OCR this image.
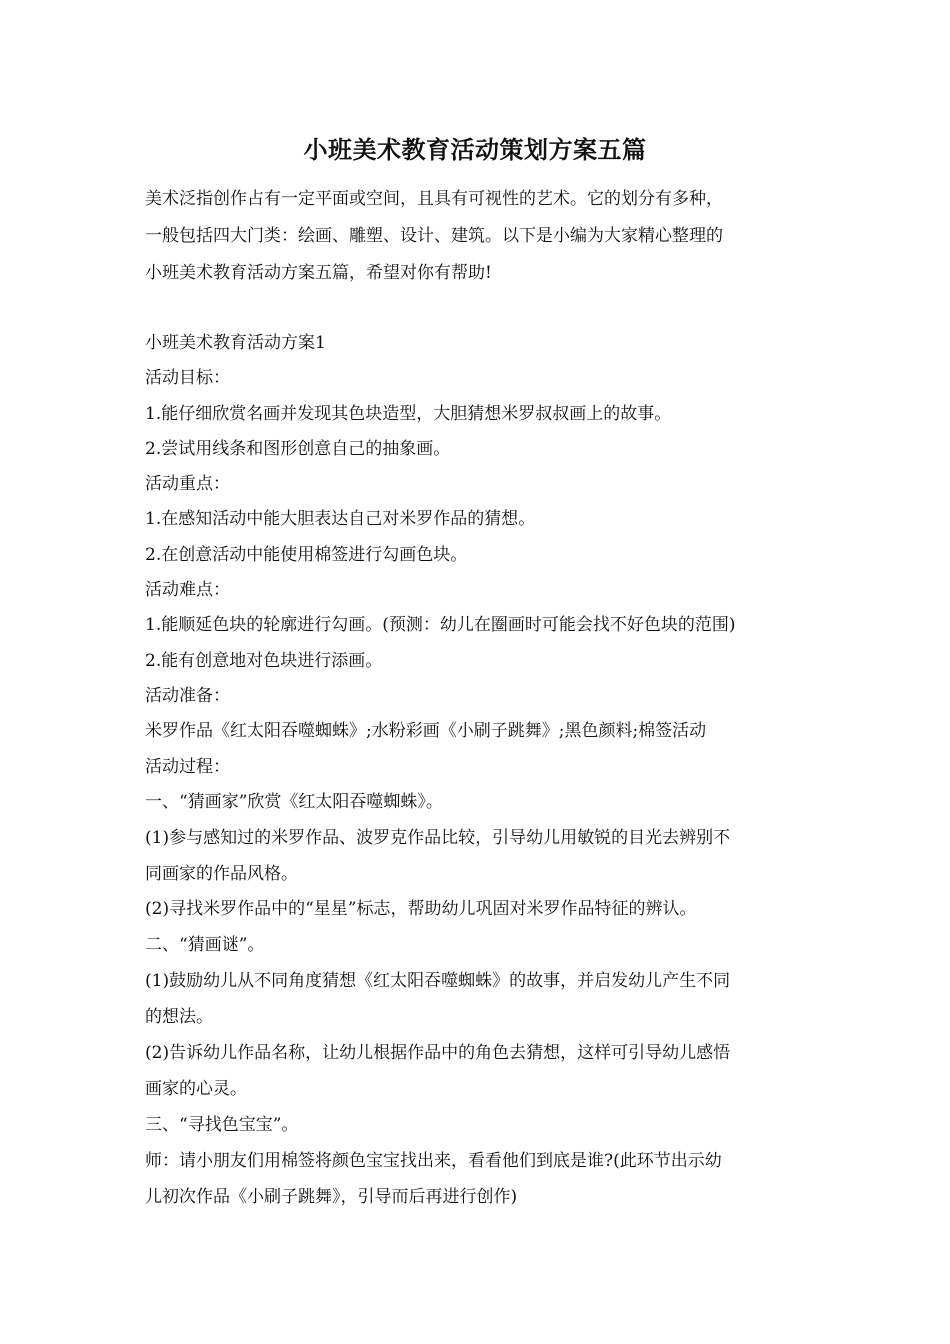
小班美术教育活动策划方案五篇
美术泛指创作占有一定平面或空间，且具有可视性的艺术。它的划分有多种，
一般包括四大门类：绘画、雕塑、设计、建筑。以下是小编为大家精心整理的
小班美术教育活动方案五篇，希望对你有帮助!
小班美术教育活动方案1
活动目标：
1.能仔细欣赏名画并发现其色块造型，大胆猜想米罗叔叔画上的故事。
2.尝试用线条和图形创意自己的抽象画。
活动重点：
1.在感知活动中能大胆表达自己对米罗作品的猜想。
2.在创意活动中能使用棉签进行勾画色块。
活动难点：
1.能顺延色块的轮廓进行勾画。(预测：幼儿在圈画时可能会找不好色块的范围)
2.能有创意地对色块进行添画。
活动准备：
米罗作品《红太阳吞噬蜘蛛》;水粉彩画《小刷子跳舞》;黑色颜料;棉签活动
活动过程：
一、“猜画家”欣赏《红太阳吞噬蜘蛛》。
(1)参与感知过的米罗作品、波罗克作品比较，引导幼儿用敏锐的目光去辨别不
同画家的作品风格。
(2)寻找米罗作品中的“星星”标志，帮助幼儿巩固对米罗作品特征的辨认。
二、“猜画谜”。
(1)鼓励幼儿从不同角度猜想《红太阳吞噬蜘蛛》的故事，并启发幼儿产生不同
的想法。
(2)告诉幼儿作品名称，让幼儿根据作品中的角色去猜想，这样可引导幼儿感悟
画家的心灵。
三、“寻找色宝宝”。
师：请小朋友们用棉签将颜色宝宝找出来，看看他们到底是谁?(此环节出示幼
儿初次作品《小刷子跳舞》，引导而后再进行创作)
